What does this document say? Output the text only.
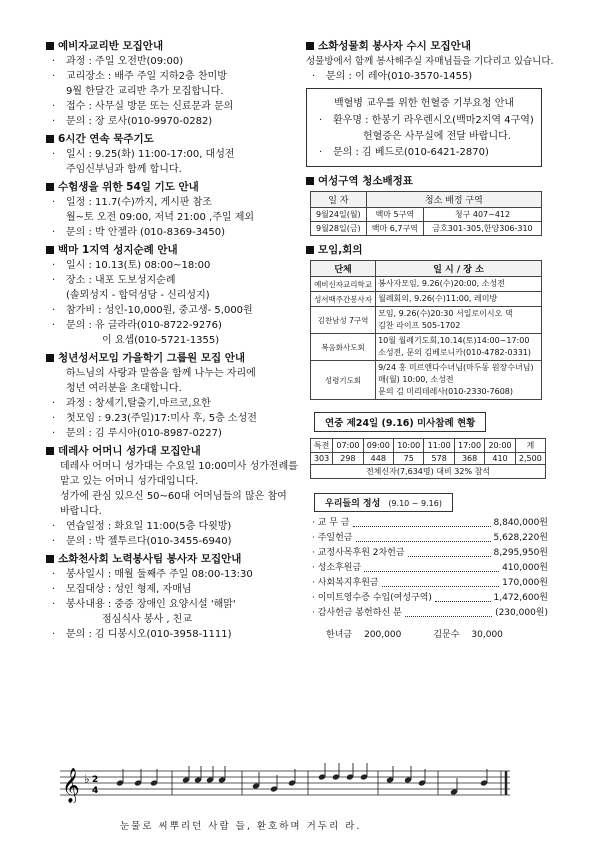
예비자교리반 모집안내
· 과정 : 주일 오전반(09:00)
· 교리장소 : 배주 주일 지하2층 찬미방
9월 한달간 교리반 추가 모집합니다.
· 접수 : 사무실 방문 또는 신료문과 문의
· 문의 : 장 로사(010-9970-0282)
6시간 연속 묵주기도
· 일시 : 9.25(화) 11:00-17:00, 대성전
주임신부님과 함께 합니다.
수험생을 위한 54일 기도 안내
· 일정 : 11.7(수)까지, 게시판 참조
월~토 오전 09:00, 저녁 21:00 ,주일 제외
· 문의 : 박 안젤라 (010-8369-3450)
백마 1지역 성지순례 안내
· 일시 : 10.13(토) 08:00~18:00
· 장소 : 내포 도보성지순례
(솔뫼성지 - 합덕성당 - 신리성지)
· 참가비 : 성인-10,000원, 중고생- 5,000원
· 문의 : 유 글라라(010-8722-9276)
이 요셉(010-5721-1355)
청년성서모임 가을학기 그룹원 모집 안내
하느님의 사랑과 말씀을 함께 나누는 자리에
청년 여러분을 초대합니다.
· 과정 : 창세기,탈출기,마르코,요한
· 첫모임 : 9.23(주일)17:미사 후, 5층 소성전
· 문의 : 김 루시아(010-8987-0227)
데레사 어머니 성가대 모집안내
데레사 어머니 성가대는 수요일 10:00미사 성가전례를
맡고 있는 어머니 성가대입니다.
성가에 관심 있으신 50~60대 어머님들의 많은 참여
바랍니다.
· 연습일정 : 화요일 11:00(5층 다윗방)
· 문의 : 박 젤투르다(010-3455-6940)
소화천사회 노력봉사팀 봉사자 모집안내
· 봉사일시 : 매월 둘째주 주일 08:00-13:30
· 모집대상 : 성인 형제, 자매님
· 봉사내용 : 중증 장애인 요양시설 '해맑'
점심식사 봉사 , 친교
· 문의 : 김 디봉시오(010-3958-1111)
소화성물회 봉사자 수시 모집안내
성물방에서 함께 봉사해주실 자매님들을 기다리고 있습니다.
· 문의 : 이 레아(010-3570-1455)
백혈병 교우를 위한 헌혈증 기부요청 안내
· 환우명 : 한봉기 라우렌시오(백마2지역 4구역)
헌혈증은 사무실에 전달 바랍니다.
· 문의 : 김 베드로(010-6421-2870)
여성구역 청소배정표
일 자	청소 배정 구역	
9월24일(월)	백마 5구역	청구 407~412
9월28일(금)	백마 6,7구역	금호301-305,한양306-310
모임,회의
단체	일 시 / 장 소
예비신자교리학교	봉사자모임, 9.26(수)20:00, 소성전

성서백주간봉사자	월례회의, 9.26(수)11:00, 레미방

김찬남성 7구역	모임, 9.26(수)20:30 서일로이시오 댁
김찬 라이프 505-1702

복음화사도회	10월 월례기도회,10.14(토)14:00~17:00
소성전, 문의 김베로니카(010-4782-0331)

성령기도회	9/24 홍 미르엔다수녀님(마두동 원장수녀님)
매(월) 10:00, 소성전
문의 김 미리데레사(010-2330-7608)
연중 제24일 (9.16) 미사참례 현황
특전	07:00	09:00	10:00	11:00	17:00	20:00	계
303	298	448	75	578	368	410	2,500
전체신자(7,634명) 대비 32% 참석							
우리들의 정성 (9.10 ~ 9.16)
· 교 무 금	8,840,000원
· 주일헌금	5,628,220원
· 교정사목후원 2차헌금	8,295,950원
· 성소후원금	410,000원
· 사회복지후원금	170,000원
· 이미트영수증 수입(여성구역)	1,472,600원
· 감사헌금 봉헌하신 분	(230,000원)
한녀금 200,000	김문수 30,000
𝄞 ♭ 2
4
눈물로 씨뿌리던 사람 들, 환호하며 거두리 라.
